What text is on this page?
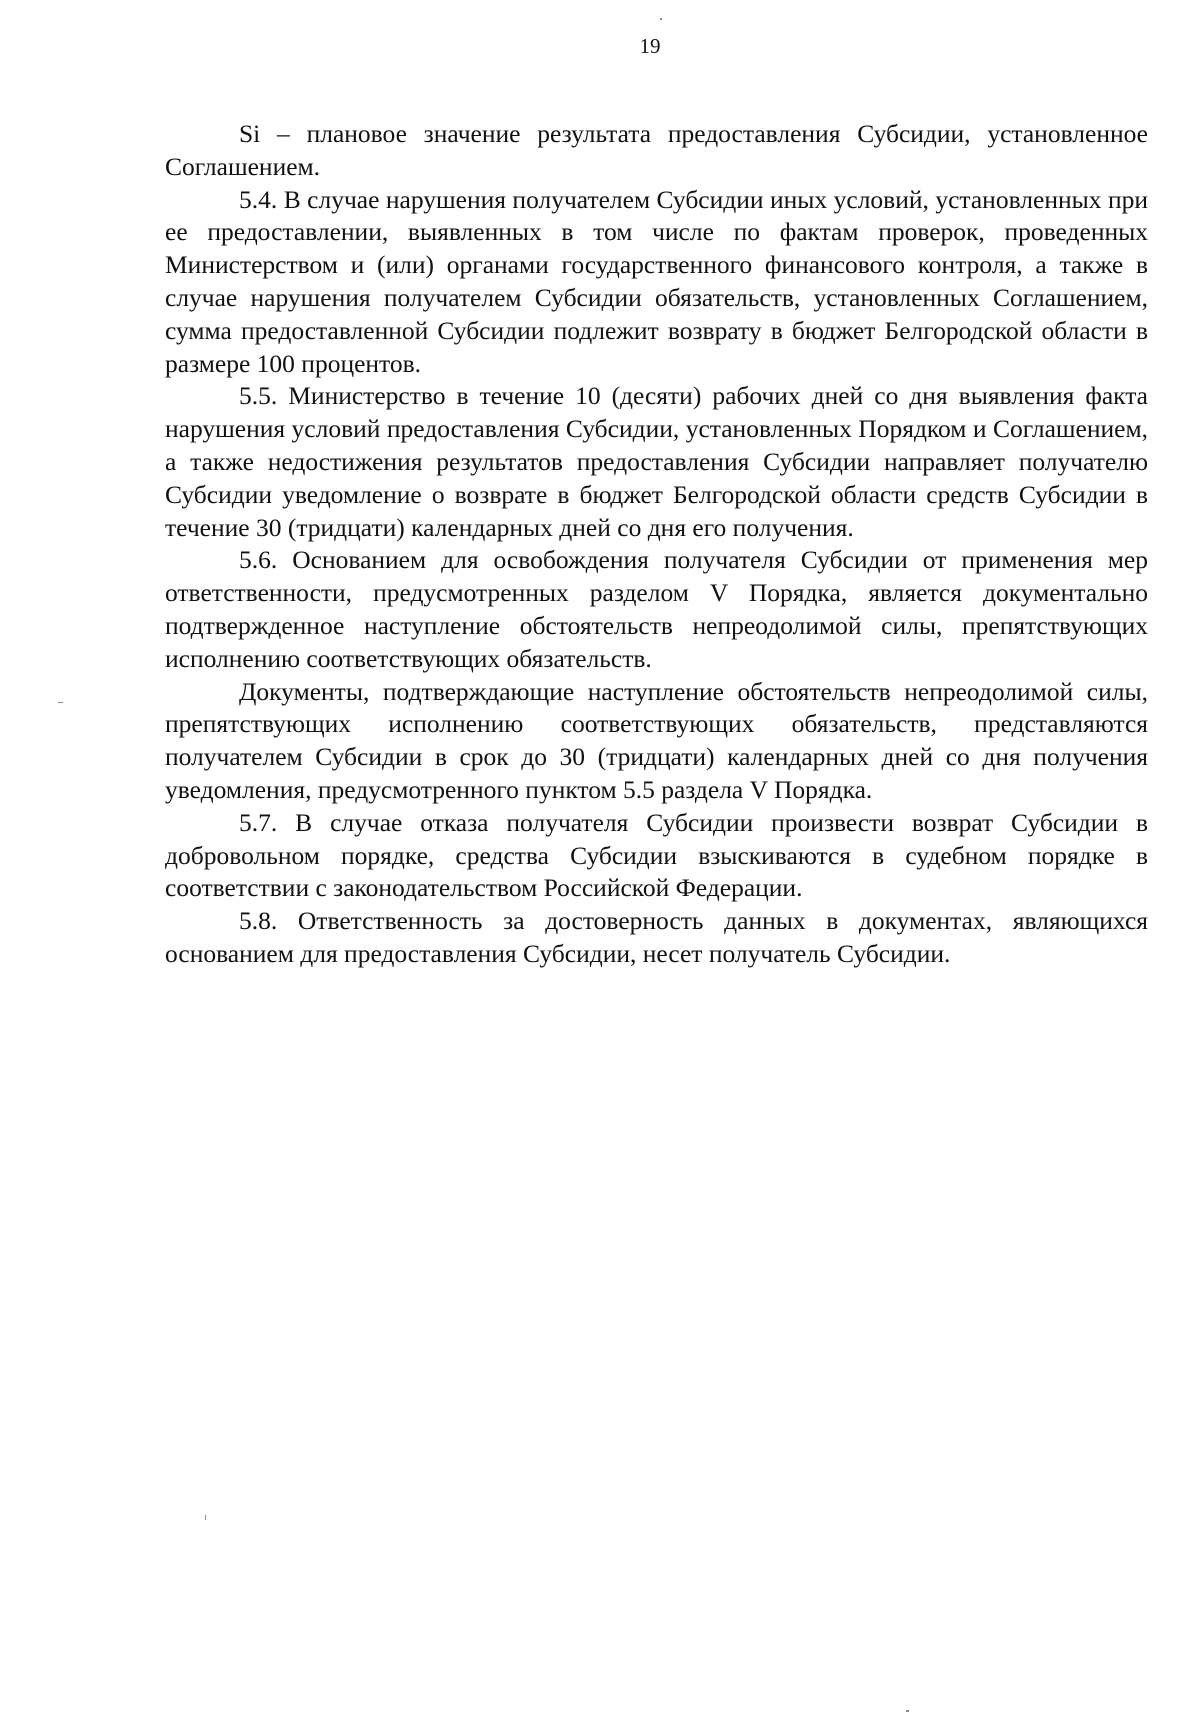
19

Si – плановое значение результата предоставления Субсидии, установленное Соглашением.

5.4. В случае нарушения получателем Субсидии иных условий, установленных при ее предоставлении, выявленных в том числе по фактам проверок, проведенных Министерством и (или) органами государственного финансового контроля, а также в случае нарушения получателем Субсидии обязательств, установленных Соглашением, сумма предоставленной Субсидии подлежит возврату в бюджет Белгородской области в размере 100 процентов.

5.5. Министерство в течение 10 (десяти) рабочих дней со дня выявления факта нарушения условий предоставления Субсидии, установленных Порядком и Соглашением, а также недостижения результатов предоставления Субсидии направляет получателю Субсидии уведомление о возврате в бюджет Белгородской области средств Субсидии в течение 30 (тридцати) календарных дней со дня его получения.

5.6. Основанием для освобождения получателя Субсидии от применения мер ответственности, предусмотренных разделом V Порядка, является документально подтвержденное наступление обстоятельств непреодолимой силы, препятствующих исполнению соответствующих обязательств.

Документы, подтверждающие наступление обстоятельств непреодолимой силы, препятствующих исполнению соответствующих обязательств, представляются получателем Субсидии в срок до 30 (тридцати) календарных дней со дня получения уведомления, предусмотренного пунктом 5.5 раздела V Порядка.

5.7. В случае отказа получателя Субсидии произвести возврат Субсидии в добровольном порядке, средства Субсидии взыскиваются в судебном порядке в соответствии с законодательством Российской Федерации.

5.8. Ответственность за достоверность данных в документах, являющихся основанием для предоставления Субсидии, несет получатель Субсидии.
